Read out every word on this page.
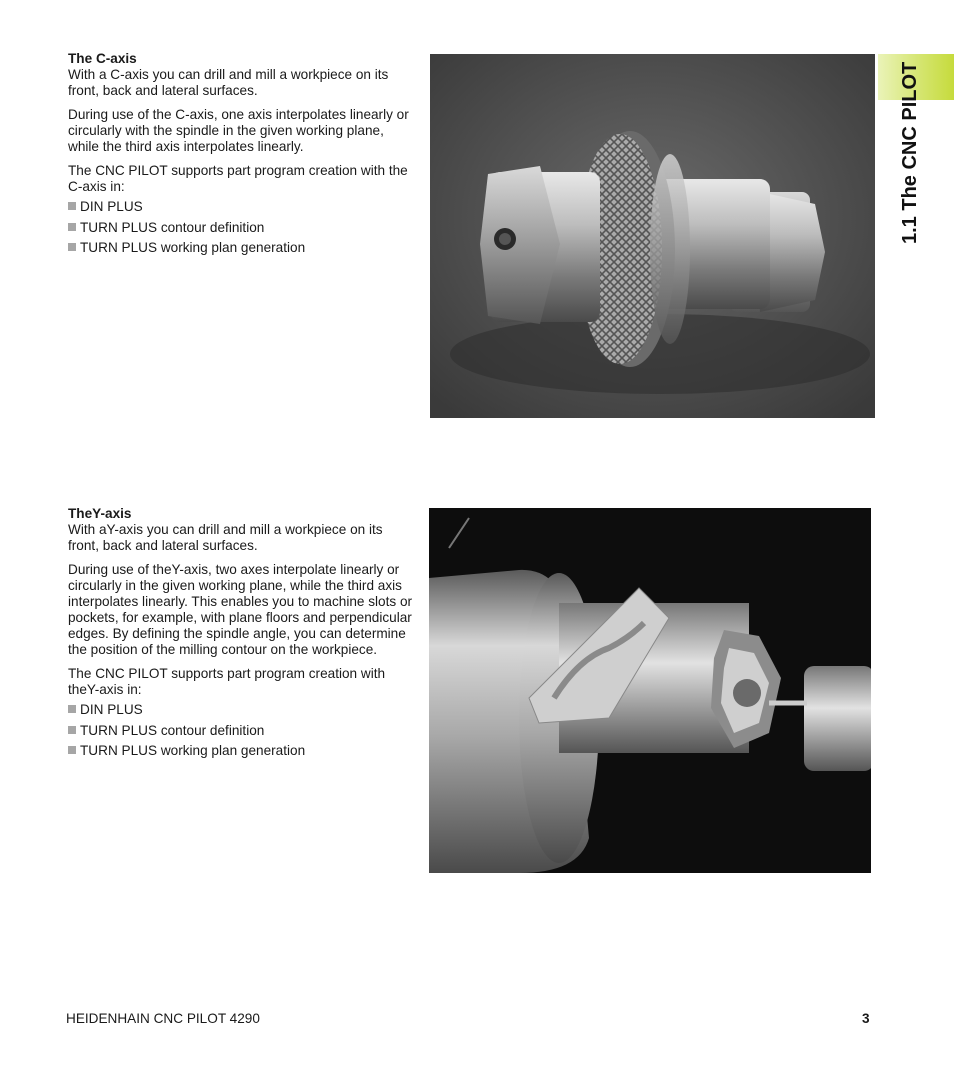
1.1 The CNC PILOT
The C-axis

With a C-axis you can drill and mill a workpiece on its front, back and lateral surfaces.

During use of the C-axis, one axis interpolates linearly or circularly with the spindle in the given working plane, while the third axis interpolates linearly.

The CNC PILOT supports part program creation with the C-axis in:

DIN PLUS
TURN PLUS contour definition
TURN PLUS working plan generation
TheY-axis

With aY-axis you can drill and mill a workpiece on its front, back and lateral surfaces.

During use of theY-axis, two axes interpolate linearly or circularly in the given working plane, while the third axis interpolates linearly. This enables you to machine slots or pockets, for example, with plane floors and perpendicular edges. By defining the spindle angle, you can determine the position of the milling contour on the workpiece.

The CNC PILOT supports part program creation with theY-axis in:

DIN PLUS
TURN PLUS contour definition
TURN PLUS working plan generation
HEIDENHAIN CNC PILOT 4290	3
